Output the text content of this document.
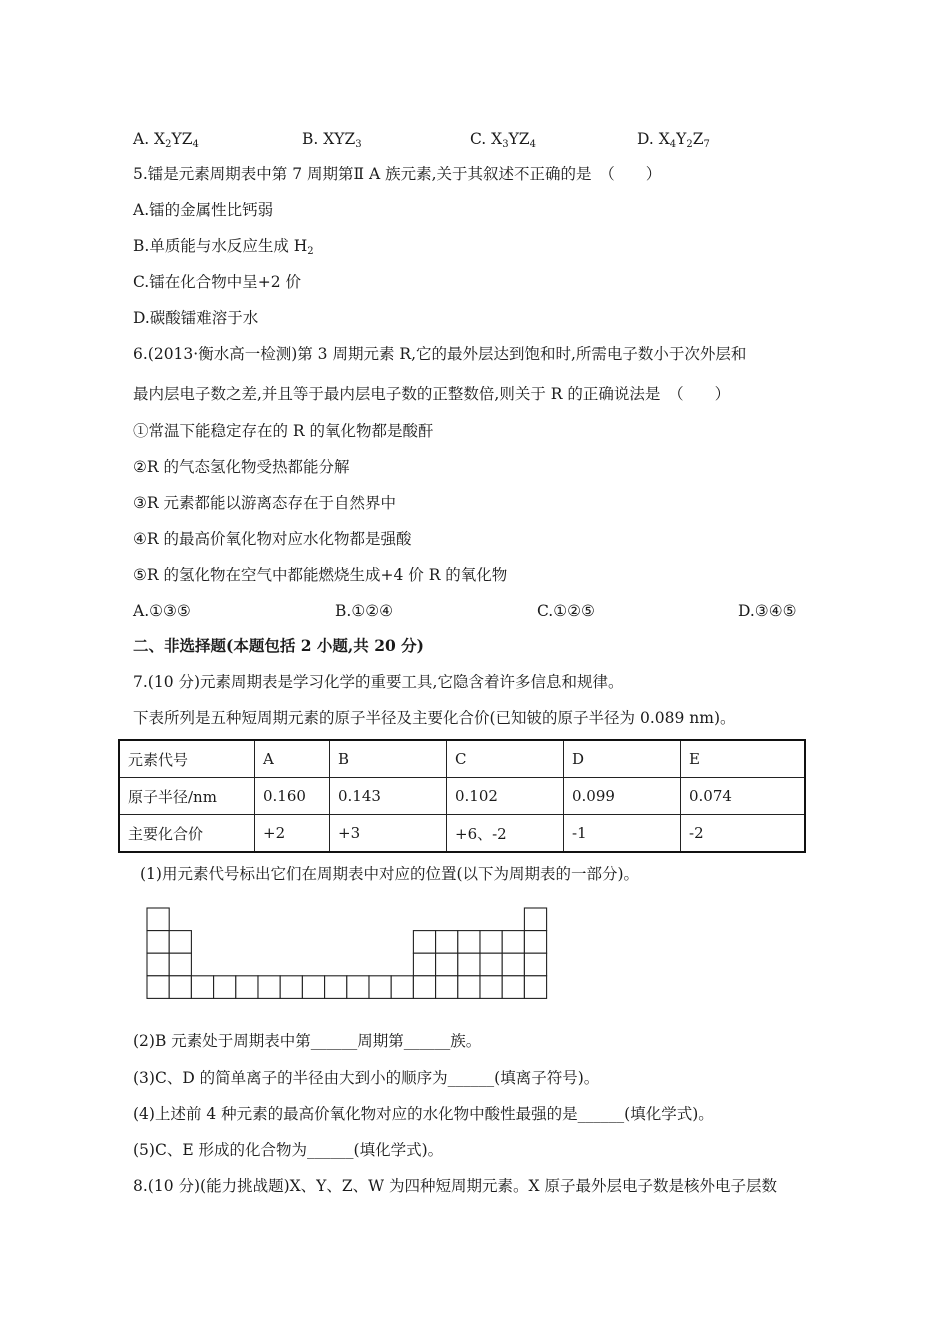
A. $X_2YZ_4$	B. $XYZ_3$	C. $X_3YZ_4$	D. $X_4Y_2Z_7$
5.镭是元素周期表中第 7 周期第Ⅱ A 族元素,关于其叙述不正确的是　（　　）
A.镭的金属性比钙弱
B.单质能与水反应生成 $H_2$
C.镭在化合物中呈+2 价
D.碳酸镭难溶于水
6.(2013·衡水高一检测)第 3 周期元素 R,它的最外层达到饱和时,所需电子数小于次外层和
最内层电子数之差,并且等于最内层电子数的正整数倍,则关于 R 的正确说法是　（　　）
①常温下能稳定存在的 R 的氧化物都是酸酐
②R 的气态氢化物受热都能分解
③R 元素都能以游离态存在于自然界中
④R 的最高价氧化物对应水化物都是强酸
⑤R 的氢化物在空气中都能燃烧生成+4 价 R 的氧化物
A.①③⑤	B.①②④	C.①②⑤	D.③④⑤
二、非选择题(本题包括 2 小题,共 20 分)
7.(10 分)元素周期表是学习化学的重要工具,它隐含着许多信息和规律。
下表所列是五种短周期元素的原子半径及主要化合价(已知铍的原子半径为 0.089 nm)。
元素代号	A	B	C	D	E
原子半径/nm	0.160	0.143	0.102	0.099	0.074
主要化合价	+2	+3	+6、-2	-1	-2
(1)用元素代号标出它们在周期表中对应的位置(以下为周期表的一部分)。
(2)B 元素处于周期表中第______周期第______族。
(3)C、D 的简单离子的半径由大到小的顺序为______(填离子符号)。
(4)上述前 4 种元素的最高价氧化物对应的水化物中酸性最强的是______(填化学式)。
(5)C、E 形成的化合物为______(填化学式)。
8.(10 分)(能力挑战题)X、Y、Z、W 为四种短周期元素。X 原子最外层电子数是核外电子层数
